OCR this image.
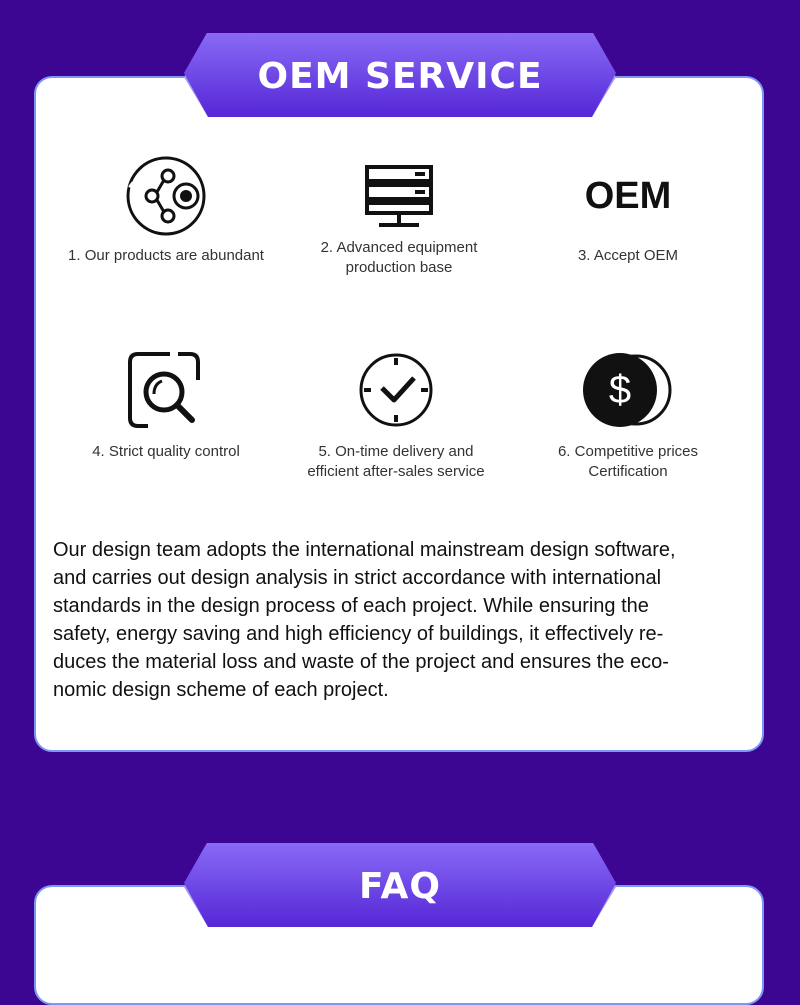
1. Our products are abundant	2. Advanced equipment
production base
OEM
3. Accept OEM
4. Strict quality control	5. On-time delivery and
efficient after-sales service
$
6. Competitive prices
Certification
Our design team adopts the international mainstream design software,
and carries out design analysis in strict accordance with international
standards in the design process of each project. While ensuring the
safety, energy saving and high efficiency of buildings, it effectively re-
duces the material loss and waste of the project and ensures the eco-
nomic design scheme of each project.
OEM SERVICE
FAQ
